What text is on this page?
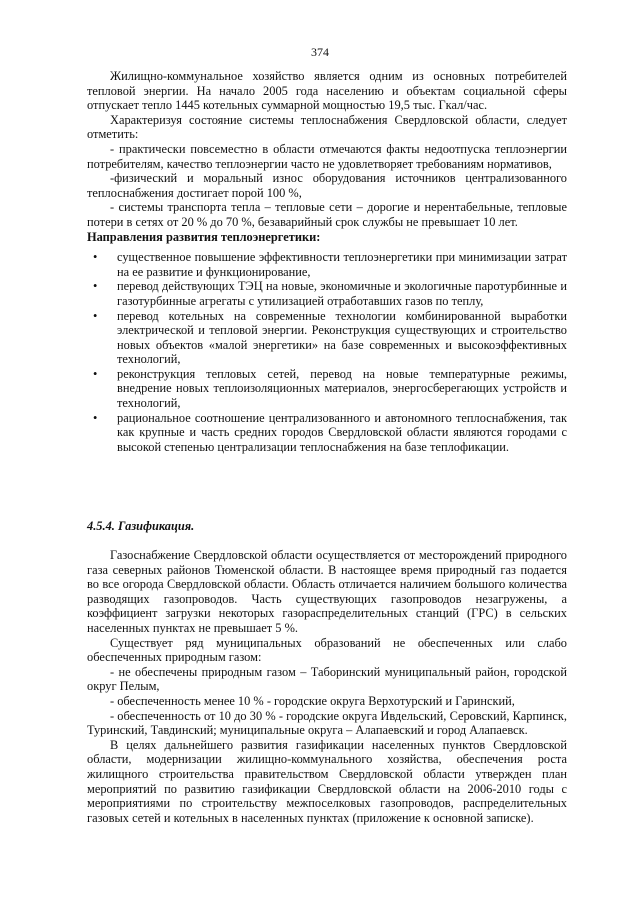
374

Жилищно-коммунальное хозяйство является одним из основных потребителей тепловой энергии. На начало 2005 года населению и объектам социальной сферы отпускает тепло 1445 котельных суммарной мощностью 19,5 тыс. Гкал/час.

Характеризуя состояние системы теплоснабжения Свердловской области, следует отметить:

- практически повсеместно в области отмечаются факты недоотпуска теплоэнергии потребителям, качество теплоэнергии часто не удовлетворяет требованиям нормативов,

-физический и моральный износ оборудования источников централизованного теплоснабжения достигает порой 100 %,

- системы транспорта тепла – тепловые сети – дорогие и нерентабельные, тепловые потери в сетях от 20 % до 70 %, безаварийный срок службы не превышает 10 лет.

Направления развития теплоэнергетики:

• существенное повышение эффективности теплоэнергетики при минимизации затрат на ее развитие и функционирование,
• перевод действующих ТЭЦ на новые, экономичные и экологичные паротурбинные и газотурбинные агрегаты с утилизацией отработавших газов по теплу,
• перевод котельных на современные технологии комбинированной выработки электрической и тепловой энергии. Реконструкция существующих и строительство новых объектов «малой энергетики» на базе современных и высокоэффективных технологий,
• реконструкция тепловых сетей, перевод на новые температурные режимы, внедрение новых теплоизоляционных материалов, энергосберегающих устройств и технологий,
• рациональное соотношение централизованного и автономного теплоснабжения, так как крупные и часть средних городов Свердловской области являются городами с высокой степенью централизации теплоснабжения на базе теплофикации.

4.5.4. Газификация.

Газоснабжение Свердловской области осуществляется от месторождений природного газа северных районов Тюменской области. В настоящее время природный газ подается во все огорода Свердловской области. Область отличается наличием большого количества разводящих газопроводов. Часть существующих газопроводов незагружены, а коэффициент загрузки некоторых газораспределительных станций (ГРС) в сельских населенных пунктах не превышает 5 %.

Существует ряд муниципальных образований не обеспеченных или слабо обеспеченных природным газом:

- не обеспечены природным газом – Таборинский муниципальный район, городской округ Пелым,

- обеспеченность менее 10 % - городские округа Верхотурский и Гаринский,

- обеспеченность от 10 до 30 % - городские округа Ивдельский, Серовский, Карпинск, Туринский, Тавдинский; муниципальные округа – Алапаевский и город Алапаевск.

В целях дальнейшего развития газификации населенных пунктов Свердловской области, модернизации жилищно-коммунального хозяйства, обеспечения роста жилищного строительства правительством Свердловской области утвержден план мероприятий по развитию газификации Свердловской области на 2006-2010 годы с мероприятиями по строительству межпоселковых газопроводов, распределительных газовых сетей и котельных в населенных пунктах (приложение к основной записке).
